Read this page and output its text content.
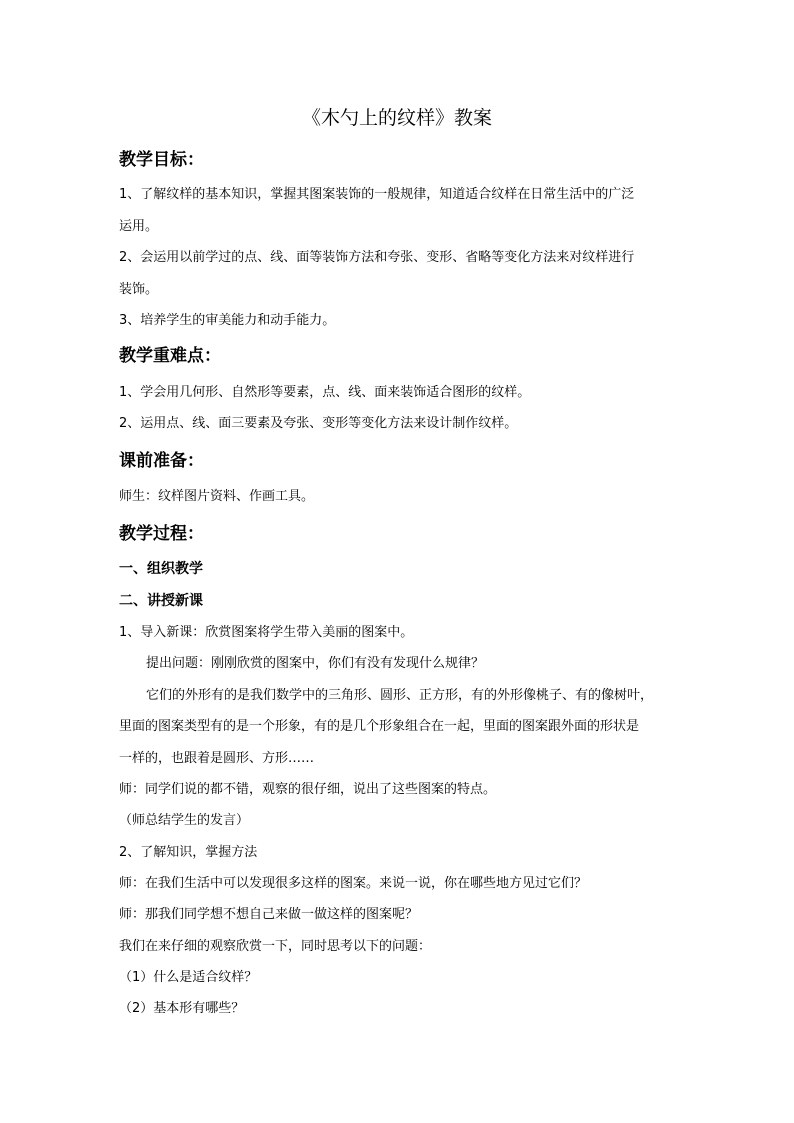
《木勺上的纹样》教案
教学目标：
1、了解纹样的基本知识，掌握其图案装饰的一般规律，知道适合纹样在日常生活中的广泛
运用。
2、会运用以前学过的点、线、面等装饰方法和夸张、变形、省略等变化方法来对纹样进行
装饰。
3、培养学生的审美能力和动手能力。
教学重难点：
1、学会用几何形、自然形等要素，点、线、面来装饰适合图形的纹样。
2、运用点、线、面三要素及夸张、变形等变化方法来设计制作纹样。
课前准备：
师生：纹样图片资料、作画工具。
教学过程：
一、组织教学
二、讲授新课
1、导入新课：欣赏图案将学生带入美丽的图案中。
提出问题：刚刚欣赏的图案中，你们有没有发现什么规律？
它们的外形有的是我们数学中的三角形、圆形、正方形，有的外形像桃子、有的像树叶，
里面的图案类型有的是一个形象，有的是几个形象组合在一起，里面的图案跟外面的形状是
一样的，也跟着是圆形、方形……
师：同学们说的都不错，观察的很仔细，说出了这些图案的特点。
（师总结学生的发言）
2、了解知识，掌握方法
师：在我们生活中可以发现很多这样的图案。来说一说，你在哪些地方见过它们？
师：那我们同学想不想自己来做一做这样的图案呢？
我们在来仔细的观察欣赏一下，同时思考以下的问题：
（1）什么是适合纹样？
（2）基本形有哪些？
